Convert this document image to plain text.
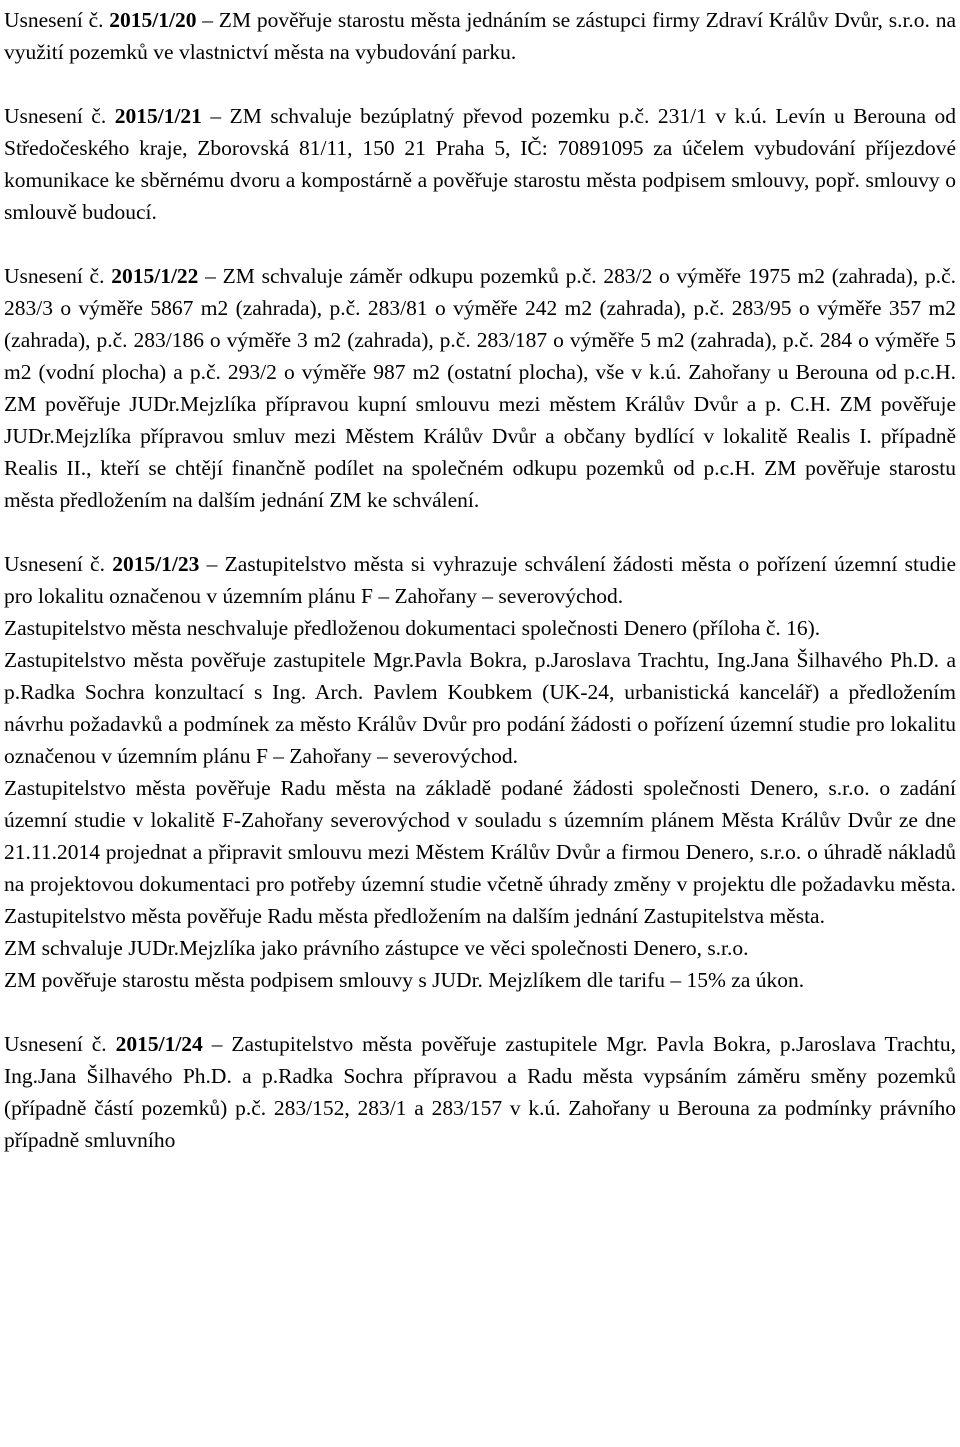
Usnesení č. 2015/1/20 – ZM pověřuje starostu města jednáním se zástupci firmy Zdraví Králův Dvůr, s.r.o. na využití pozemků ve vlastnictví města na vybudování parku.

Usnesení č. 2015/1/21 – ZM schvaluje bezúplatný převod pozemku p.č. 231/1 v k.ú. Levín u Berouna od Středočeského kraje, Zborovská 81/11, 150 21 Praha 5, IČ: 70891095 za účelem vybudování příjezdové komunikace ke sběrnému dvoru a kompostárně a pověřuje starostu města podpisem smlouvy, popř. smlouvy o smlouvě budoucí.

Usnesení č. 2015/1/22 – ZM schvaluje záměr odkupu pozemků p.č. 283/2 o výměře 1975 m2 (zahrada), p.č. 283/3 o výměře 5867 m2 (zahrada), p.č. 283/81 o výměře 242 m2 (zahrada), p.č. 283/95 o výměře 357 m2 (zahrada), p.č. 283/186 o výměře 3 m2 (zahrada), p.č. 283/187 o výměře 5 m2 (zahrada), p.č. 284 o výměře 5 m2 (vodní plocha) a p.č. 293/2 o výměře 987 m2 (ostatní plocha), vše v k.ú. Zahořany u Berouna od p.c.H. ZM pověřuje JUDr.Mejzlíka přípravou kupní smlouvu mezi městem Králův Dvůr a p. C.H. ZM pověřuje JUDr.Mejzlíka přípravou smluv mezi Městem Králův Dvůr a občany bydlící v lokalitě Realis I. případně Realis II., kteří se chtějí finančně podílet na společném odkupu pozemků od p.c.H. ZM pověřuje starostu města předložením na dalším jednání ZM ke schválení.

Usnesení č. 2015/1/23 – Zastupitelstvo města si vyhrazuje schválení žádosti města o pořízení územní studie pro lokalitu označenou v územním plánu F – Zahořany – severovýchod.

Zastupitelstvo města neschvaluje předloženou dokumentaci společnosti Denero (příloha č. 16).

Zastupitelstvo města pověřuje zastupitele Mgr.Pavla Bokra, p.Jaroslava Trachtu, Ing.Jana Šilhavého Ph.D. a p.Radka Sochra konzultací s Ing. Arch. Pavlem Koubkem (UK-24, urbanistická kancelář) a předložením návrhu požadavků a podmínek za město Králův Dvůr pro podání žádosti o pořízení územní studie pro lokalitu označenou v územním plánu F – Zahořany – severovýchod.

Zastupitelstvo města pověřuje Radu města na základě podané žádosti společnosti Denero, s.r.o. o zadání územní studie v lokalitě F-Zahořany severovýchod v souladu s územním plánem Města Králův Dvůr ze dne 21.11.2014 projednat a připravit smlouvu mezi Městem Králův Dvůr a firmou Denero, s.r.o. o úhradě nákladů na projektovou dokumentaci pro potřeby územní studie včetně úhrady změny v projektu dle požadavku města. Zastupitelstvo města pověřuje Radu města předložením na dalším jednání Zastupitelstva města.

ZM schvaluje JUDr.Mejzlíka jako právního zástupce ve věci společnosti Denero, s.r.o.

ZM pověřuje starostu města podpisem smlouvy s JUDr. Mejzlíkem dle tarifu – 15% za úkon.

Usnesení č. 2015/1/24 – Zastupitelstvo města pověřuje zastupitele Mgr. Pavla Bokra, p.Jaroslava Trachtu, Ing.Jana Šilhavého Ph.D. a p.Radka Sochra přípravou a Radu města vypsáním záměru směny pozemků (případně částí pozemků) p.č. 283/152, 283/1 a 283/157 v k.ú. Zahořany u Berouna za podmínky právního případně smluvního
